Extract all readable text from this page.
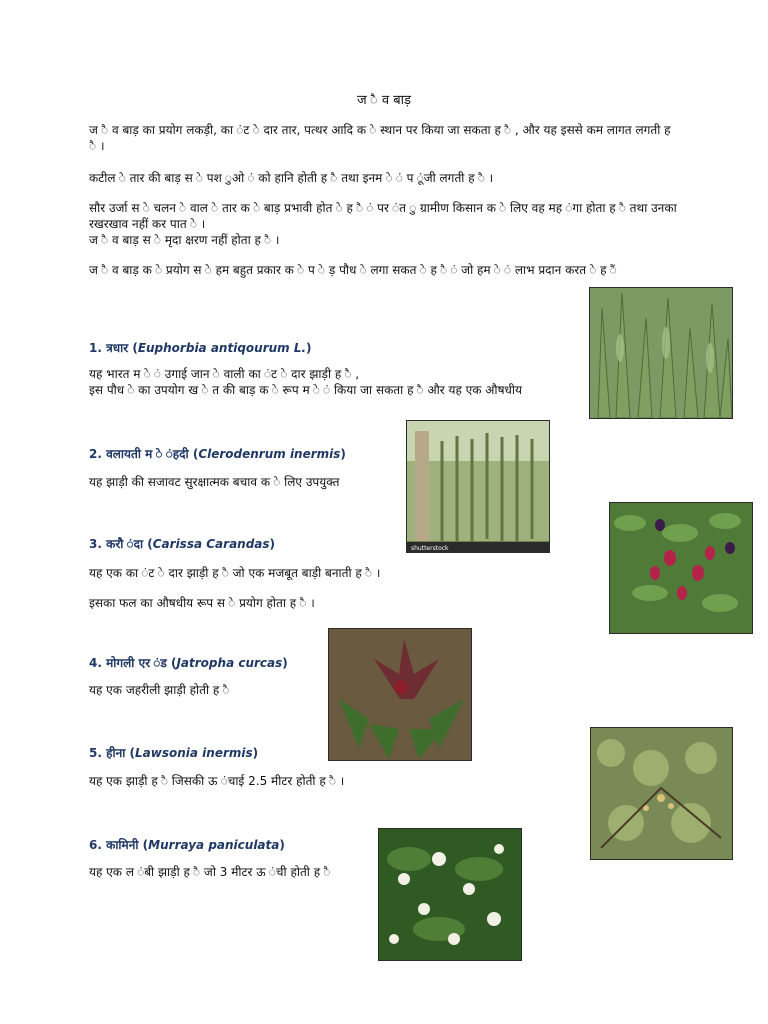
ज ै व बाड़
ज ै व बाड़ का प्रयोग लकड़ी, का ंट े दार तार, पत्थर आदि क े स्थान पर किया जा सकता ह ै , और यह इससे कम लागत लगती ह ै ।
कटील े तार की बाड़ स े पश ुओ ं को हानि होती ह ै तथा इनम े ं प ूंजी लगती ह ै ।
सौर उर्जा स े चलन े वाल े तार क े बाड़ प्रभावी होत े ह ै ं पर ंत ु ग्रामीण किसान क े लिए वह मह ंगा होता ह ै तथा उनका रखरखाव नहीं कर पात े ।
ज ै व बाड़ स े मृदा क्षरण नहीं होता ह ै ।
ज ै व बाड़ क े प्रयोग स े हम बहुत प्रकार क े प े ड़ पौध े लगा सकत े ह ै ं जो हम े ं लाभ प्रदान करत े ह ैं
1. त्रधार (Euphorbia antiqourum L.)
यह भारत म े ं उगाई जान े वाली का ंट े दार झाड़ी ह ै ,
इस पौध े का उपयोग ख े त की बाड़ क े रूप म े ं किया जा सकता ह ै और यह एक औषधीय
2. वलायती म े ंहदी (Clerodenrum inermis)
यह झाड़ी की सजावट सुरक्षात्मक बचाव क े लिए उपयुक्त
3. करौ ंदा (Carissa Carandas)
यह एक का ंट े दार झाड़ी ह ै जो एक मजबूत बाड़ी बनाती ह ै ।
इसका फल का औषधीय रूप स े प्रयोग होता ह ै ।
4. मोगली एर ंड (Jatropha curcas)
यह एक जहरीली झाड़ी होती ह ै
5. हीना (Lawsonia inermis)
यह एक झाड़ी ह ै जिसकी ऊ ंचाई 2.5 मीटर होती ह ै ।
6. कामिनी (Murraya paniculata)
यह एक ल ंबी झाड़ी ह ै जो 3 मीटर ऊ ंची होती ह ै
shutterstock
